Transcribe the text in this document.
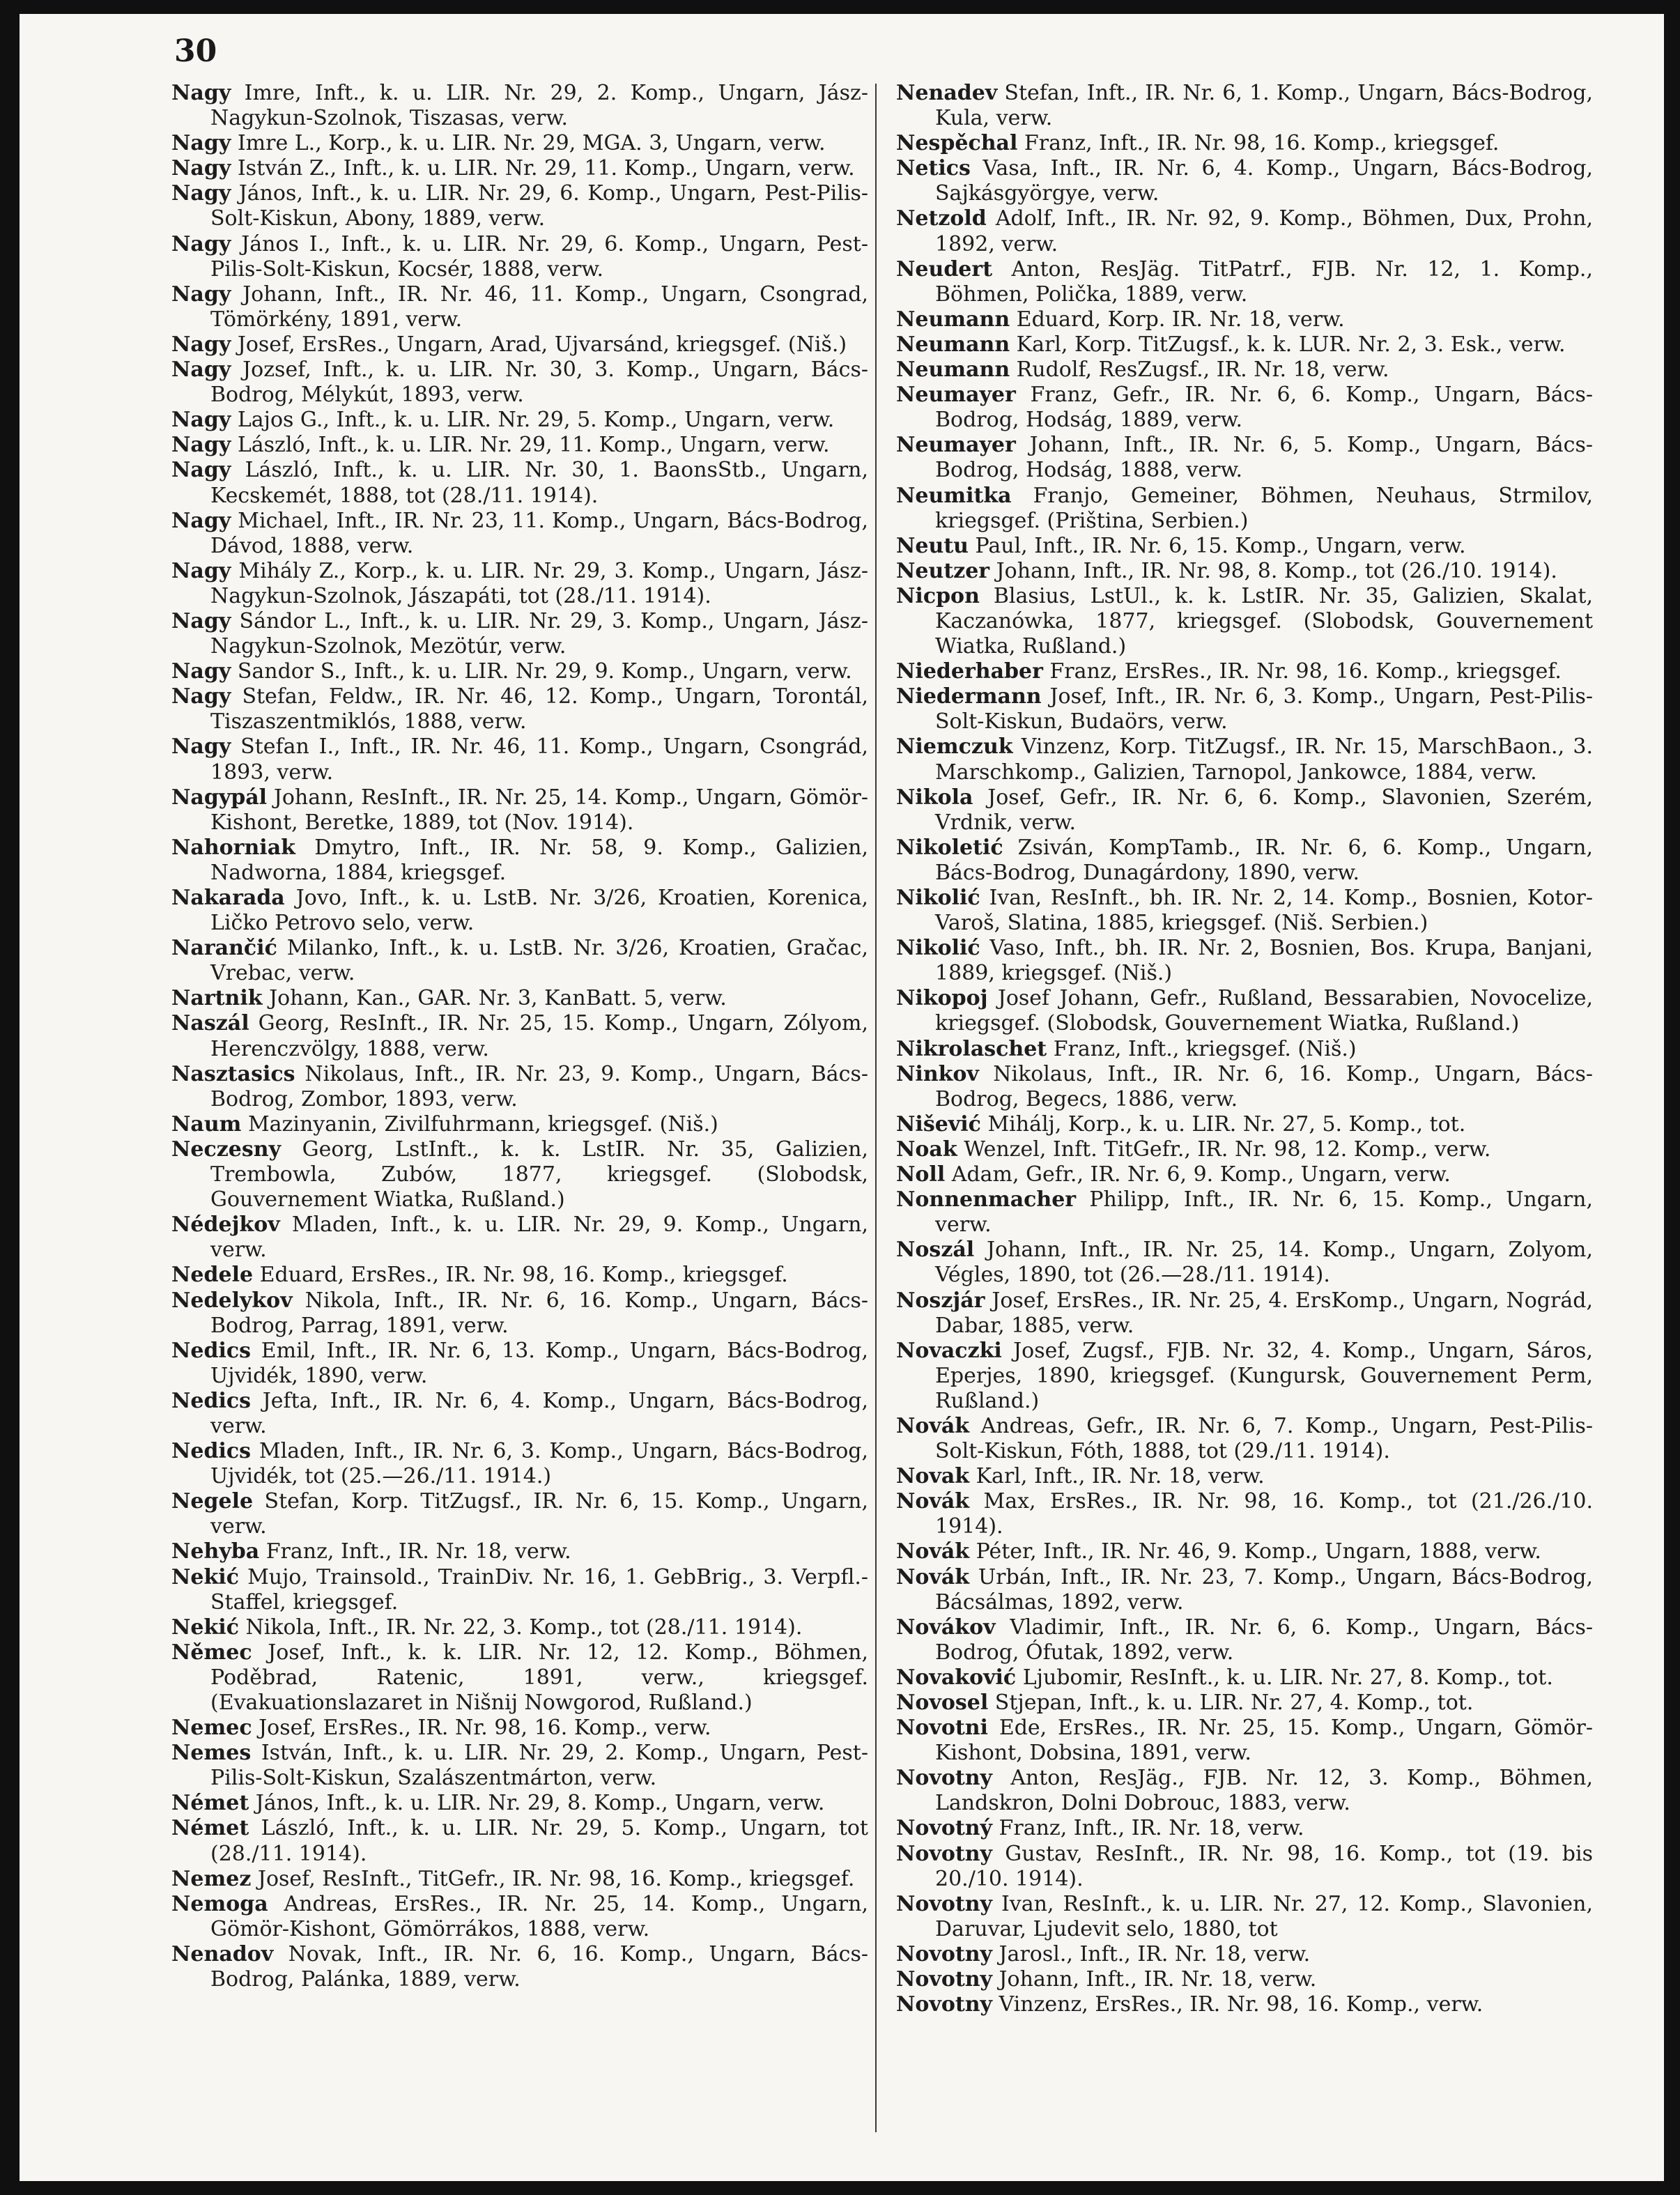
30

Nagy Imre, Inft., k. u. LIR. Nr. 29, 2. Komp., Ungarn, Jász-Nagykun-Szolnok, Tiszasas, verw.

Nagy Imre L., Korp., k. u. LIR. Nr. 29, MGA. 3, Ungarn, verw.

Nagy István Z., Inft., k. u. LIR. Nr. 29, 11. Komp., Ungarn, verw.

Nagy János, Inft., k. u. LIR. Nr. 29, 6. Komp., Ungarn, Pest-Pilis-Solt-Kiskun, Abony, 1889, verw.

Nagy János I., Inft., k. u. LIR. Nr. 29, 6. Komp., Ungarn, Pest-Pilis-Solt-Kiskun, Kocsér, 1888, verw.

Nagy Johann, Inft., IR. Nr. 46, 11. Komp., Ungarn, Csongrad, Tömörkény, 1891, verw.

Nagy Josef, ErsRes., Ungarn, Arad, Ujvarsánd, kriegsgef. (Niš.)

Nagy Jozsef, Inft., k. u. LIR. Nr. 30, 3. Komp., Ungarn, Bács-Bodrog, Mélykút, 1893, verw.

Nagy Lajos G., Inft., k. u. LIR. Nr. 29, 5. Komp., Ungarn, verw.

Nagy László, Inft., k. u. LIR. Nr. 29, 11. Komp., Ungarn, verw.

Nagy László, Inft., k. u. LIR. Nr. 30, 1. BaonsStb., Ungarn, Kecskemét, 1888, tot (28./11. 1914).

Nagy Michael, Inft., IR. Nr. 23, 11. Komp., Ungarn, Bács-Bodrog, Dávod, 1888, verw.

Nagy Mihály Z., Korp., k. u. LIR. Nr. 29, 3. Komp., Ungarn, Jász-Nagykun-Szolnok, Jászapáti, tot (28./11. 1914).

Nagy Sándor L., Inft., k. u. LIR. Nr. 29, 3. Komp., Ungarn, Jász-Nagykun-Szolnok, Mezötúr, verw.

Nagy Sandor S., Inft., k. u. LIR. Nr. 29, 9. Komp., Ungarn, verw.

Nagy Stefan, Feldw., IR. Nr. 46, 12. Komp., Ungarn, Torontál, Tiszaszentmiklós, 1888, verw.

Nagy Stefan I., Inft., IR. Nr. 46, 11. Komp., Ungarn, Csongrád, 1893, verw.

Nagypál Johann, ResInft., IR. Nr. 25, 14. Komp., Ungarn, Gömör-Kishont, Beretke, 1889, tot (Nov. 1914).

Nahorniak Dmytro, Inft., IR. Nr. 58, 9. Komp., Galizien, Nadworna, 1884, kriegsgef.

Nakarada Jovo, Inft., k. u. LstB. Nr. 3/26, Kroatien, Korenica, Ličko Petrovo selo, verw.

Narančić Milanko, Inft., k. u. LstB. Nr. 3/26, Kroatien, Gračac, Vrebac, verw.

Nartnik Johann, Kan., GAR. Nr. 3, KanBatt. 5, verw.

Naszál Georg, ResInft., IR. Nr. 25, 15. Komp., Ungarn, Zólyom, Herenczvölgy, 1888, verw.

Nasztasics Nikolaus, Inft., IR. Nr. 23, 9. Komp., Ungarn, Bács-Bodrog, Zombor, 1893, verw.

Naum Mazinyanin, Zivilfuhrmann, kriegsgef. (Niš.)

Neczesny Georg, LstInft., k. k. LstIR. Nr. 35, Galizien, Trembowla, Zubów, 1877, kriegsgef. (Slobodsk, Gouvernement Wiatka, Rußland.)

Nédejkov Mladen, Inft., k. u. LIR. Nr. 29, 9. Komp., Ungarn, verw.

Nedele Eduard, ErsRes., IR. Nr. 98, 16. Komp., kriegsgef.

Nedelykov Nikola, Inft., IR. Nr. 6, 16. Komp., Ungarn, Bács-Bodrog, Parrag, 1891, verw.

Nedics Emil, Inft., IR. Nr. 6, 13. Komp., Ungarn, Bács-Bodrog, Ujvidék, 1890, verw.

Nedics Jefta, Inft., IR. Nr. 6, 4. Komp., Ungarn, Bács-Bodrog, verw.

Nedics Mladen, Inft., IR. Nr. 6, 3. Komp., Ungarn, Bács-Bodrog, Ujvidék, tot (25.—26./11. 1914.)

Negele Stefan, Korp. TitZugsf., IR. Nr. 6, 15. Komp., Ungarn, verw.

Nehyba Franz, Inft., IR. Nr. 18, verw.

Nekić Mujo, Trainsold., TrainDiv. Nr. 16, 1. GebBrig., 3. Verpfl.-Staffel, kriegsgef.

Nekić Nikola, Inft., IR. Nr. 22, 3. Komp., tot (28./11. 1914).

Němec Josef, Inft., k. k. LIR. Nr. 12, 12. Komp., Böhmen, Poděbrad, Ratenic, 1891, verw., kriegsgef. (Evakuationslazaret in Nišnij Nowgorod, Rußland.)

Nemec Josef, ErsRes., IR. Nr. 98, 16. Komp., verw.

Nemes István, Inft., k. u. LIR. Nr. 29, 2. Komp., Ungarn, Pest-Pilis-Solt-Kiskun, Szalászentmárton, verw.

Német János, Inft., k. u. LIR. Nr. 29, 8. Komp., Ungarn, verw.

Német László, Inft., k. u. LIR. Nr. 29, 5. Komp., Ungarn, tot (28./11. 1914).

Nemez Josef, ResInft., TitGefr., IR. Nr. 98, 16. Komp., kriegsgef.

Nemoga Andreas, ErsRes., IR. Nr. 25, 14. Komp., Ungarn, Gömör-Kishont, Gömörrákos, 1888, verw.

Nenadov Novak, Inft., IR. Nr. 6, 16. Komp., Ungarn, Bács-Bodrog, Palánka, 1889, verw.

Nenadev Stefan, Inft., IR. Nr. 6, 1. Komp., Ungarn, Bács-Bodrog, Kula, verw.

Nespěchal Franz, Inft., IR. Nr. 98, 16. Komp., kriegsgef.

Netics Vasa, Inft., IR. Nr. 6, 4. Komp., Ungarn, Bács-Bodrog, Sajkásgyörgye, verw.

Netzold Adolf, Inft., IR. Nr. 92, 9. Komp., Böhmen, Dux, Prohn, 1892, verw.

Neudert Anton, ResJäg. TitPatrf., FJB. Nr. 12, 1. Komp., Böhmen, Polička, 1889, verw.

Neumann Eduard, Korp. IR. Nr. 18, verw.

Neumann Karl, Korp. TitZugsf., k. k. LUR. Nr. 2, 3. Esk., verw.

Neumann Rudolf, ResZugsf., IR. Nr. 18, verw.

Neumayer Franz, Gefr., IR. Nr. 6, 6. Komp., Ungarn, Bács-Bodrog, Hodság, 1889, verw.

Neumayer Johann, Inft., IR. Nr. 6, 5. Komp., Ungarn, Bács-Bodrog, Hodság, 1888, verw.

Neumitka Franjo, Gemeiner, Böhmen, Neuhaus, Strmilov, kriegsgef. (Priština, Serbien.)

Neutu Paul, Inft., IR. Nr. 6, 15. Komp., Ungarn, verw.

Neutzer Johann, Inft., IR. Nr. 98, 8. Komp., tot (26./10. 1914).

Nicpon Blasius, LstUl., k. k. LstIR. Nr. 35, Galizien, Skalat, Kaczanówka, 1877, kriegsgef. (Slobodsk, Gouvernement Wiatka, Rußland.)

Niederhaber Franz, ErsRes., IR. Nr. 98, 16. Komp., kriegsgef.

Niedermann Josef, Inft., IR. Nr. 6, 3. Komp., Ungarn, Pest-Pilis-Solt-Kiskun, Budaörs, verw.

Niemczuk Vinzenz, Korp. TitZugsf., IR. Nr. 15, MarschBaon., 3. Marschkomp., Galizien, Tarnopol, Jankowce, 1884, verw.

Nikola Josef, Gefr., IR. Nr. 6, 6. Komp., Slavonien, Szerém, Vrdnik, verw.

Nikoletić Zsiván, KompTamb., IR. Nr. 6, 6. Komp., Ungarn, Bács-Bodrog, Dunagárdony, 1890, verw.

Nikolić Ivan, ResInft., bh. IR. Nr. 2, 14. Komp., Bosnien, Kotor-Varoš, Slatina, 1885, kriegsgef. (Niš. Serbien.)

Nikolić Vaso, Inft., bh. IR. Nr. 2, Bosnien, Bos. Krupa, Banjani, 1889, kriegsgef. (Niš.)

Nikopoj Josef Johann, Gefr., Rußland, Bessarabien, Novocelize, kriegsgef. (Slobodsk, Gouvernement Wiatka, Rußland.)

Nikrolaschet Franz, Inft., kriegsgef. (Niš.)

Ninkov Nikolaus, Inft., IR. Nr. 6, 16. Komp., Ungarn, Bács-Bodrog, Begecs, 1886, verw.

Nišević Mihálj, Korp., k. u. LIR. Nr. 27, 5. Komp., tot.

Noak Wenzel, Inft. TitGefr., IR. Nr. 98, 12. Komp., verw.

Noll Adam, Gefr., IR. Nr. 6, 9. Komp., Ungarn, verw.

Nonnenmacher Philipp, Inft., IR. Nr. 6, 15. Komp., Ungarn, verw.

Noszál Johann, Inft., IR. Nr. 25, 14. Komp., Ungarn, Zolyom, Végles, 1890, tot (26.—28./11. 1914).

Noszjár Josef, ErsRes., IR. Nr. 25, 4. ErsKomp., Ungarn, Nográd, Dabar, 1885, verw.

Novaczki Josef, Zugsf., FJB. Nr. 32, 4. Komp., Ungarn, Sáros, Eperjes, 1890, kriegsgef. (Kungursk, Gouvernement Perm, Rußland.)

Novák Andreas, Gefr., IR. Nr. 6, 7. Komp., Ungarn, Pest-Pilis-Solt-Kiskun, Fóth, 1888, tot (29./11. 1914).

Novak Karl, Inft., IR. Nr. 18, verw.

Novák Max, ErsRes., IR. Nr. 98, 16. Komp., tot (21./26./10. 1914).

Novák Péter, Inft., IR. Nr. 46, 9. Komp., Ungarn, 1888, verw.

Novák Urbán, Inft., IR. Nr. 23, 7. Komp., Ungarn, Bács-Bodrog, Bácsálmas, 1892, verw.

Novákov Vladimir, Inft., IR. Nr. 6, 6. Komp., Ungarn, Bács-Bodrog, Ófutak, 1892, verw.

Novaković Ljubomir, ResInft., k. u. LIR. Nr. 27, 8. Komp., tot.

Novosel Stjepan, Inft., k. u. LIR. Nr. 27, 4. Komp., tot.

Novotni Ede, ErsRes., IR. Nr. 25, 15. Komp., Ungarn, Gömör-Kishont, Dobsina, 1891, verw.

Novotny Anton, ResJäg., FJB. Nr. 12, 3. Komp., Böhmen, Landskron, Dolni Dobrouc, 1883, verw.

Novotný Franz, Inft., IR. Nr. 18, verw.

Novotny Gustav, ResInft., IR. Nr. 98, 16. Komp., tot (19. bis 20./10. 1914).

Novotny Ivan, ResInft., k. u. LIR. Nr. 27, 12. Komp., Slavonien, Daruvar, Ljudevit selo, 1880, tot

Novotny Jarosl., Inft., IR. Nr. 18, verw.

Novotny Johann, Inft., IR. Nr. 18, verw.

Novotny Vinzenz, ErsRes., IR. Nr. 98, 16. Komp., verw.
